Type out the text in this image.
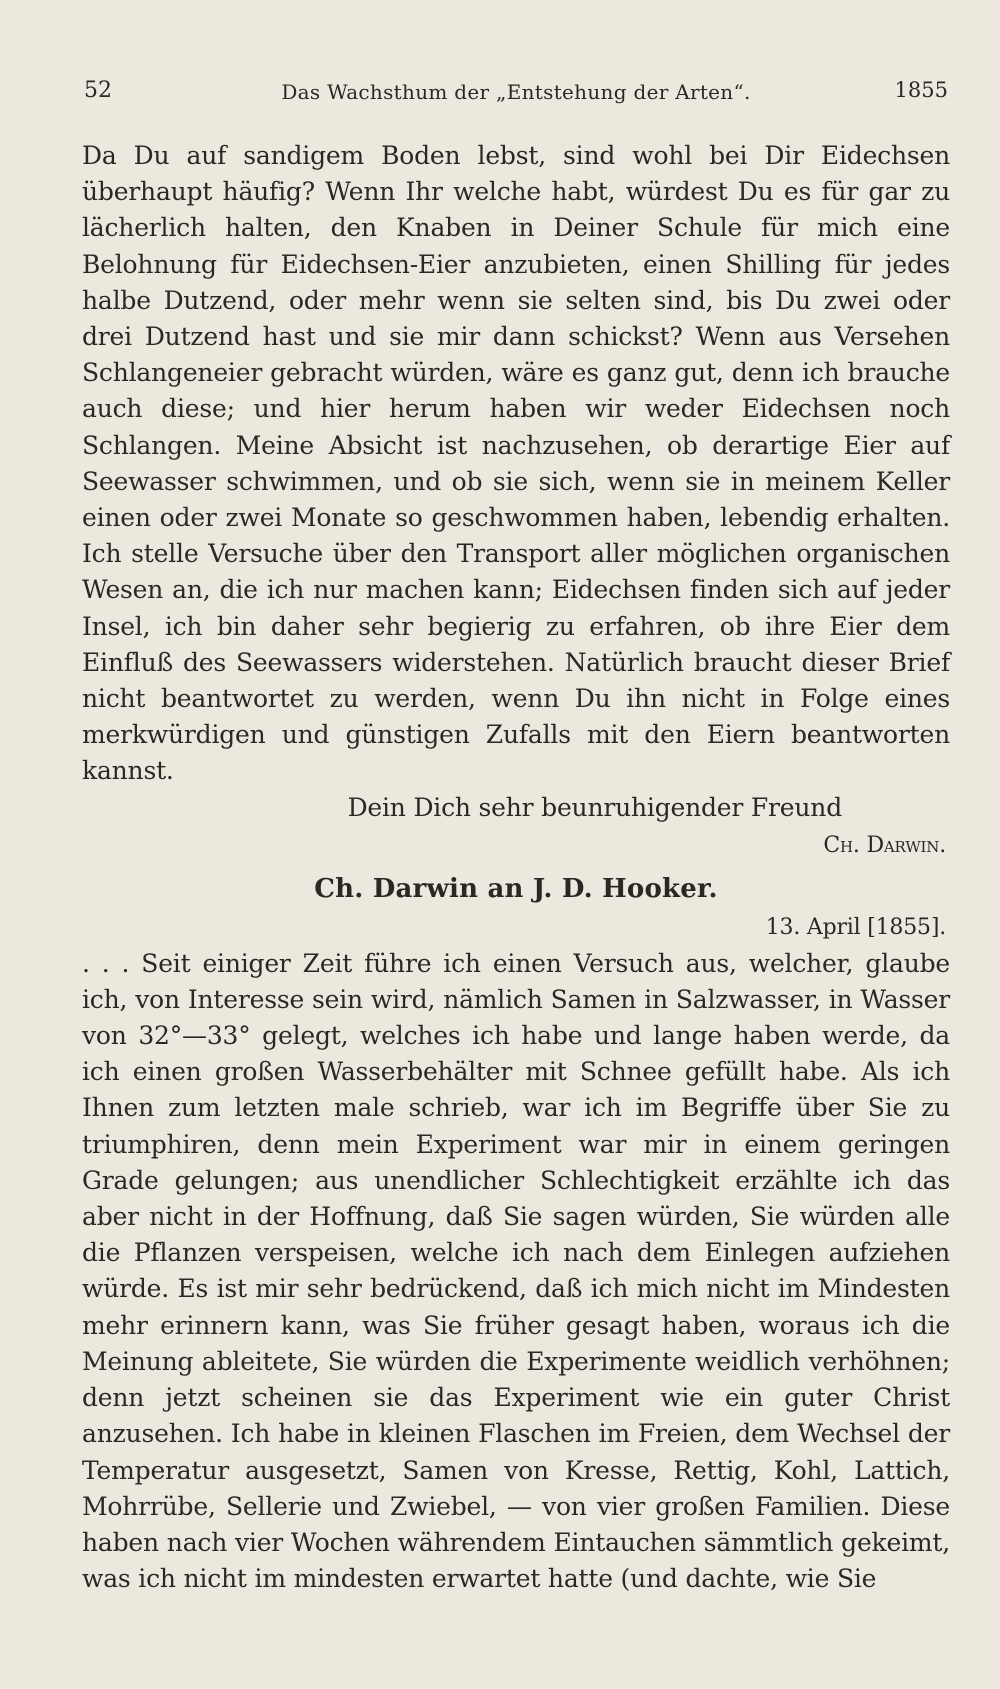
52	Das Wachsthum der „Entstehung der Arten“.	1855

Da Du auf sandigem Boden lebst, sind wohl bei Dir Eidechsen überhaupt häufig? Wenn Ihr welche habt, würdest Du es für gar zu lächerlich halten, den Knaben in Deiner Schule für mich eine Belohnung für Eidechsen-Eier anzubieten, einen Shilling für jedes halbe Dutzend, oder mehr wenn sie selten sind, bis Du zwei oder drei Dutzend hast und sie mir dann schickst? Wenn aus Versehen Schlangeneier gebracht würden, wäre es ganz gut, denn ich brauche auch diese; und hier herum haben wir weder Eidechsen noch Schlangen. Meine Absicht ist nachzusehen, ob derartige Eier auf Seewasser schwimmen, und ob sie sich, wenn sie in meinem Keller einen oder zwei Monate so geschwommen haben, lebendig erhalten. Ich stelle Versuche über den Transport aller möglichen organischen Wesen an, die ich nur machen kann; Eidechsen finden sich auf jeder Insel, ich bin daher sehr begierig zu erfahren, ob ihre Eier dem Einfluß des Seewassers widerstehen. Natürlich braucht dieser Brief nicht beantwortet zu werden, wenn Du ihn nicht in Folge eines merkwürdigen und günstigen Zufalls mit den Eiern beantworten kannst.

Dein Dich sehr beunruhigender Freund

Ch. Darwin.

Ch. Darwin an J. D. Hooker.

13. April [1855].

. . . Seit einiger Zeit führe ich einen Versuch aus, welcher, glaube ich, von Interesse sein wird, nämlich Samen in Salzwasser, in Wasser von 32°—33° gelegt, welches ich habe und lange haben werde, da ich einen großen Wasserbehälter mit Schnee gefüllt habe. Als ich Ihnen zum letzten male schrieb, war ich im Begriffe über Sie zu triumphiren, denn mein Experiment war mir in einem geringen Grade gelungen; aus unendlicher Schlechtigkeit erzählte ich das aber nicht in der Hoffnung, daß Sie sagen würden, Sie würden alle die Pflanzen verspeisen, welche ich nach dem Einlegen aufziehen würde. Es ist mir sehr bedrückend, daß ich mich nicht im Mindesten mehr erinnern kann, was Sie früher gesagt haben, woraus ich die Meinung ableitete, Sie würden die Experimente weidlich verhöhnen; denn jetzt scheinen sie das Experiment wie ein guter Christ anzusehen. Ich habe in kleinen Flaschen im Freien, dem Wechsel der Temperatur ausgesetzt, Samen von Kresse, Rettig, Kohl, Lattich, Mohrrübe, Sellerie und Zwiebel, — von vier großen Familien. Diese haben nach vier Wochen währendem Eintauchen sämmtlich gekeimt, was ich nicht im mindesten erwartet hatte (und dachte, wie Sie
